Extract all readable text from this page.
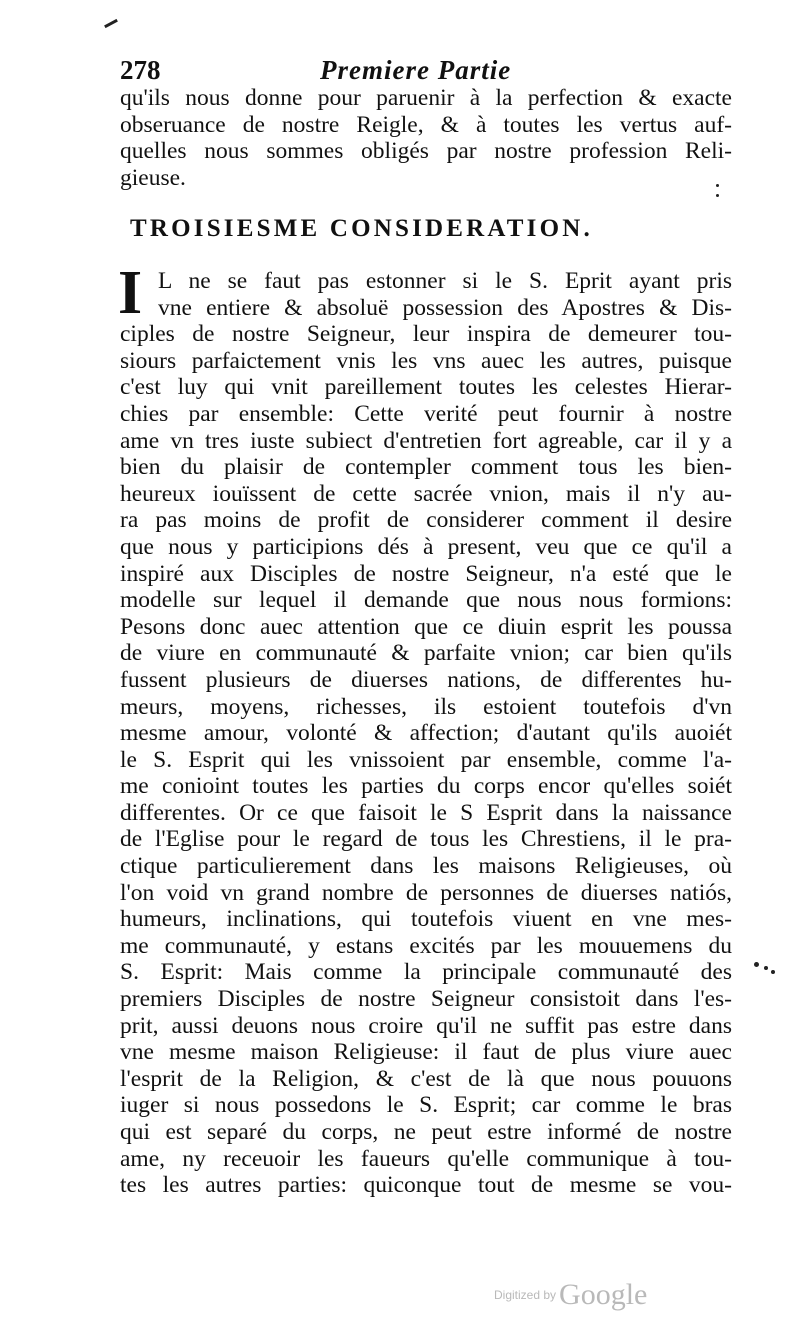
278	Premiere Partie
qu'ils nous donne pour paruenir à la perfection & exacte
obseruance de nostre Reigle, & à toutes les vertus auf-
quelles nous sommes obligés par nostre profession Reli-
gieuse.
TROISIESME CONSIDERATION.
I L ne se faut pas estonner si le S. Eprit ayant pris
vne entiere & absoluë possession des Apostres & Dis-
ciples de nostre Seigneur, leur inspira de demeurer tou-
siours parfaictement vnis les vns auec les autres, puisque
c'est luy qui vnit pareillement toutes les celestes Hierar-
chies par ensemble: Cette verité peut fournir à nostre
ame vn tres iuste subiect d'entretien fort agreable, car il y a
bien du plaisir de contempler comment tous les bien-
heureux iouïssent de cette sacrée vnion, mais il n'y au-
ra pas moins de profit de considerer comment il desire
que nous y participions dés à present, veu que ce qu'il a
inspiré aux Disciples de nostre Seigneur, n'a esté que le
modelle sur lequel il demande que nous nous formions:
Pesons donc auec attention que ce diuin esprit les poussa
de viure en communauté & parfaite vnion; car bien qu'ils
fussent plusieurs de diuerses nations, de differentes hu-
meurs, moyens, richesses, ils estoient toutefois d'vn
mesme amour, volonté & affection; d'autant qu'ils auoiét
le S. Esprit qui les vnissoient par ensemble, comme l'a-
me conioint toutes les parties du corps encor qu'elles soiét
differentes. Or ce que faisoit le S Esprit dans la naissance
de l'Eglise pour le regard de tous les Chrestiens, il le pra-
ctique particulierement dans les maisons Religieuses, où
l'on void vn grand nombre de personnes de diuerses natiós,
humeurs, inclinations, qui toutefois viuent en vne mes-
me communauté, y estans excités par les mouuemens du
S. Esprit: Mais comme la principale communauté des
premiers Disciples de nostre Seigneur consistoit dans l'es-
prit, aussi deuons nous croire qu'il ne suffit pas estre dans
vne mesme maison Religieuse: il faut de plus viure auec
l'esprit de la Religion, & c'est de là que nous pouuons
iuger si nous possedons le S. Esprit; car comme le bras
qui est separé du corps, ne peut estre informé de nostre
ame, ny receuoir les faueurs qu'elle communique à tou-
tes les autres parties: quiconque tout de mesme se vou-
Digitized by Google
